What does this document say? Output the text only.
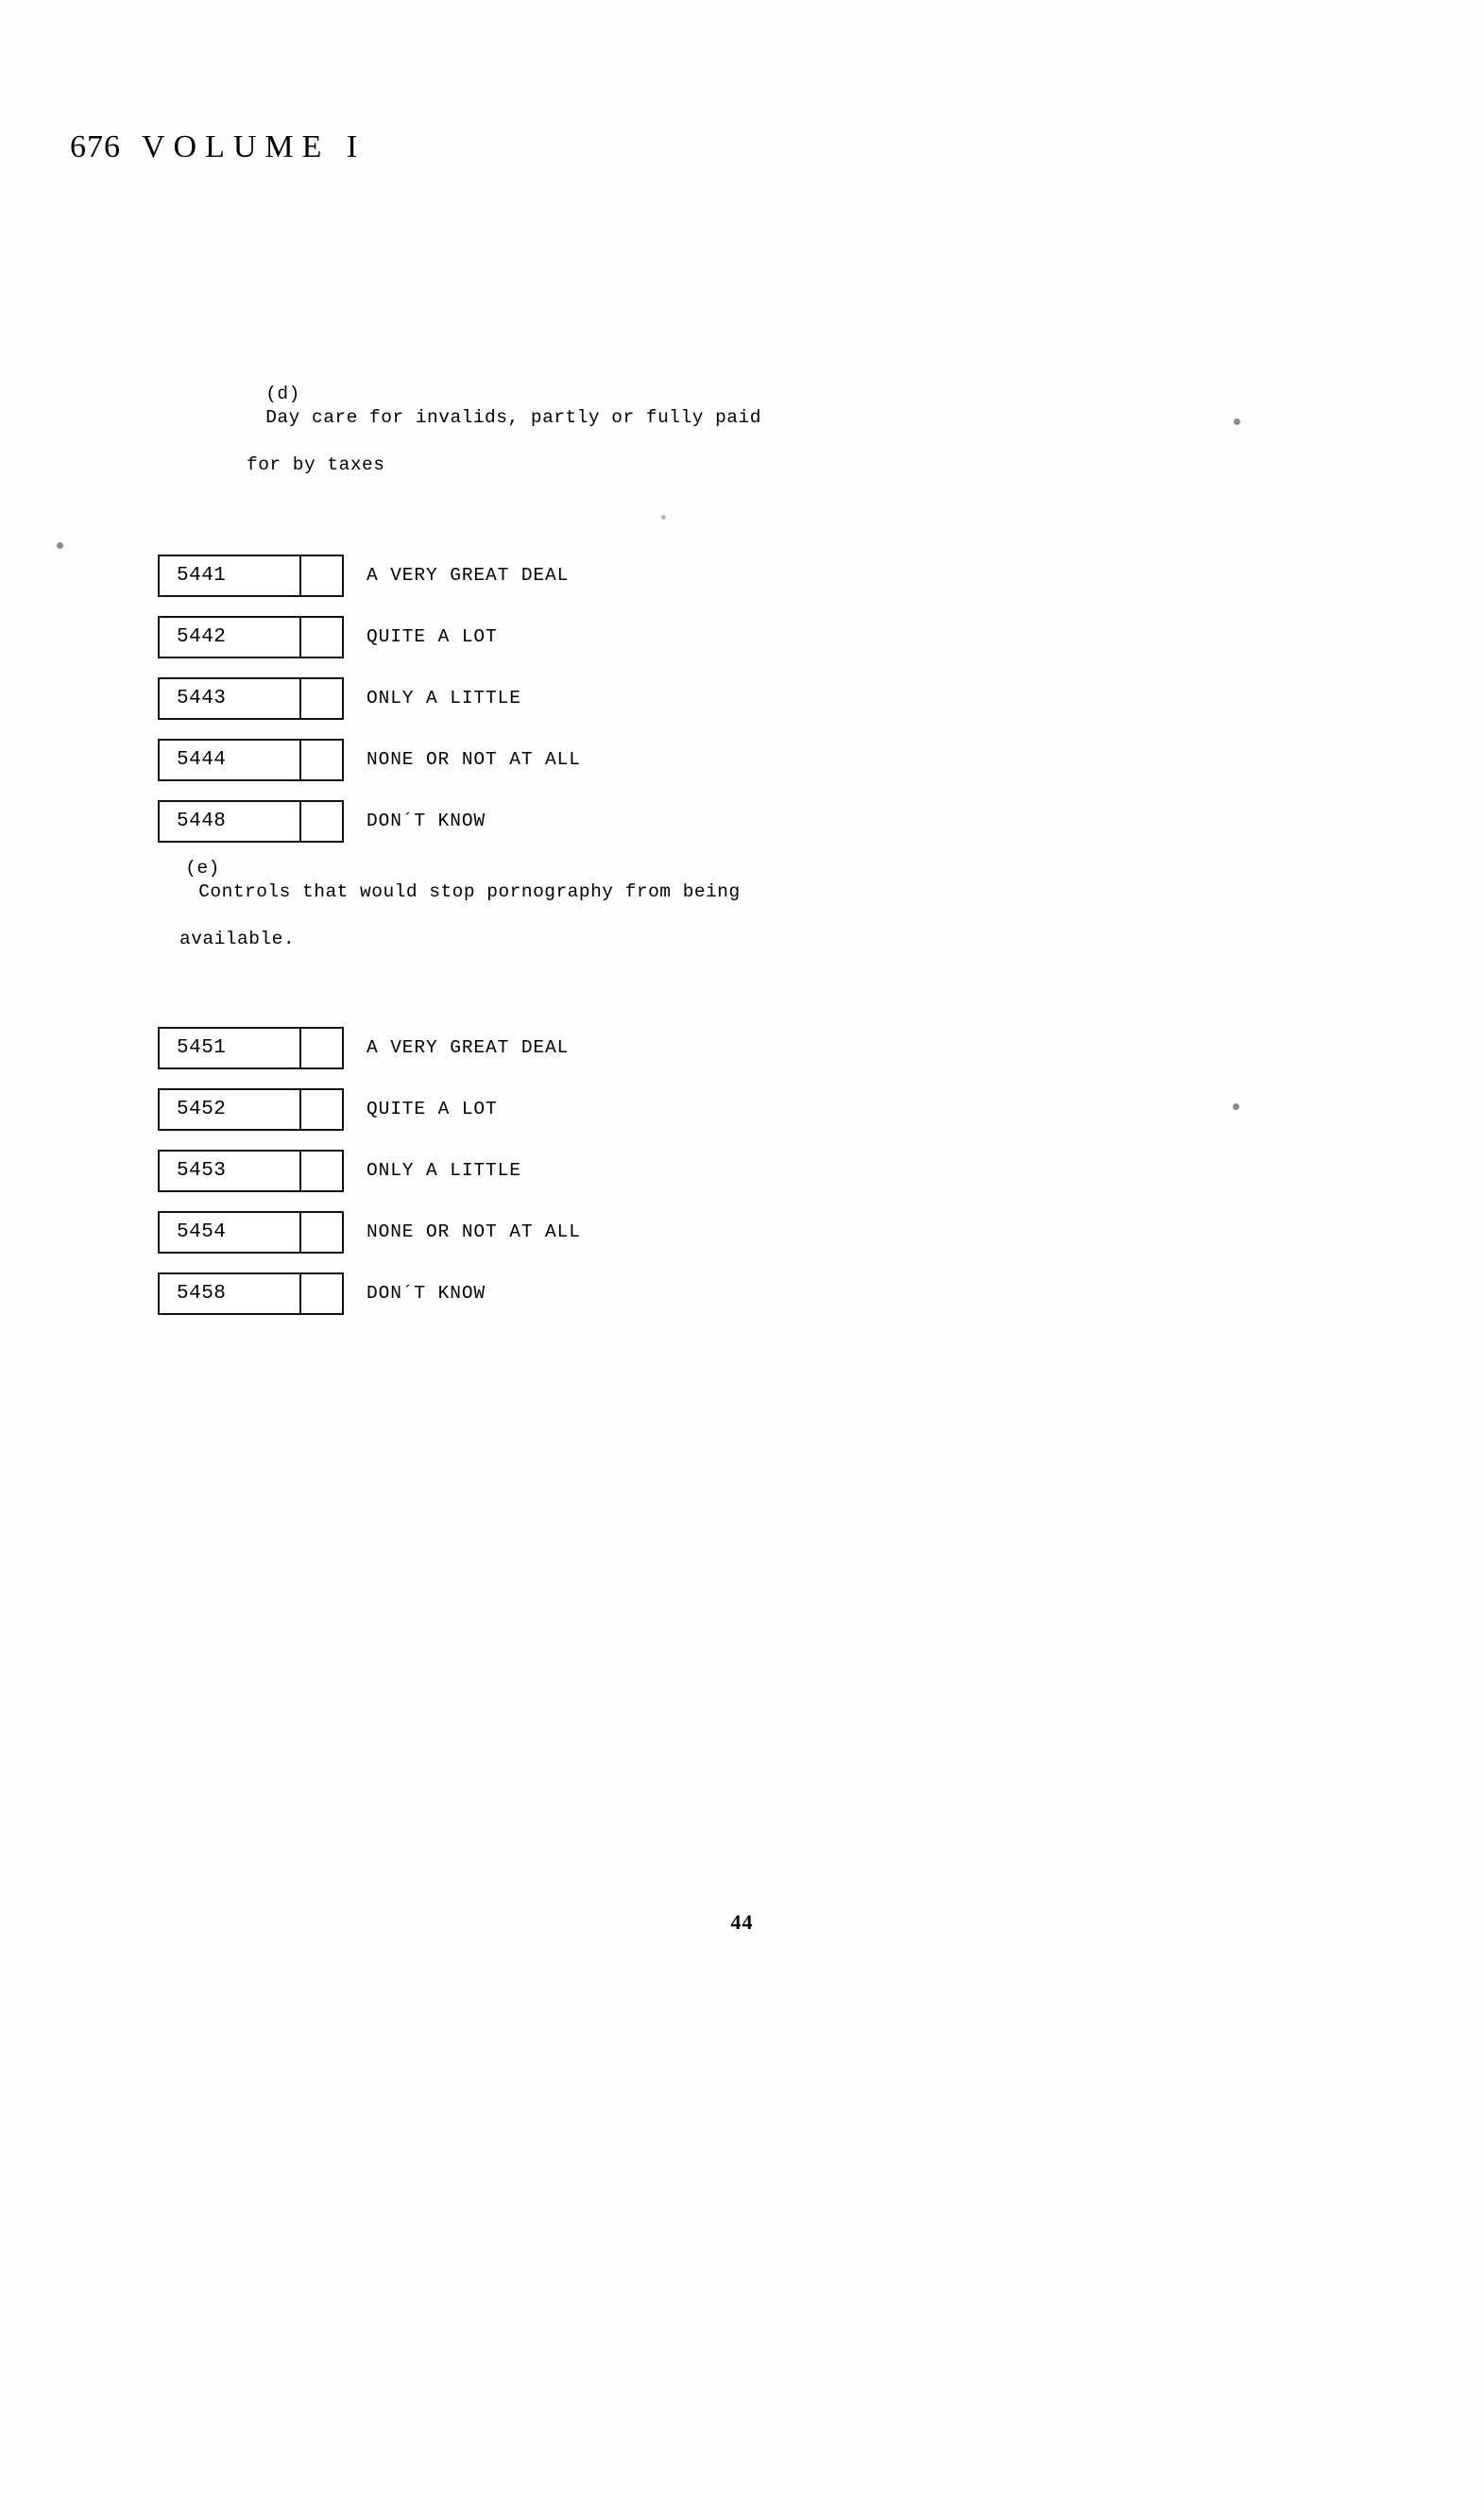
676 VOLUME I

(d)
Day care for invalids, partly or fully paid

for by taxes

5441	A VERY GREAT DEAL
5442	QUITE A LOT
5443	ONLY A LITTLE
5444	NONE OR NOT AT ALL
5448	DON´T KNOW

(e)
Controls that would stop pornography from being

available.

5451	A VERY GREAT DEAL
5452	QUITE A LOT
5453	ONLY A LITTLE
5454	NONE OR NOT AT ALL
5458	DON´T KNOW
44
